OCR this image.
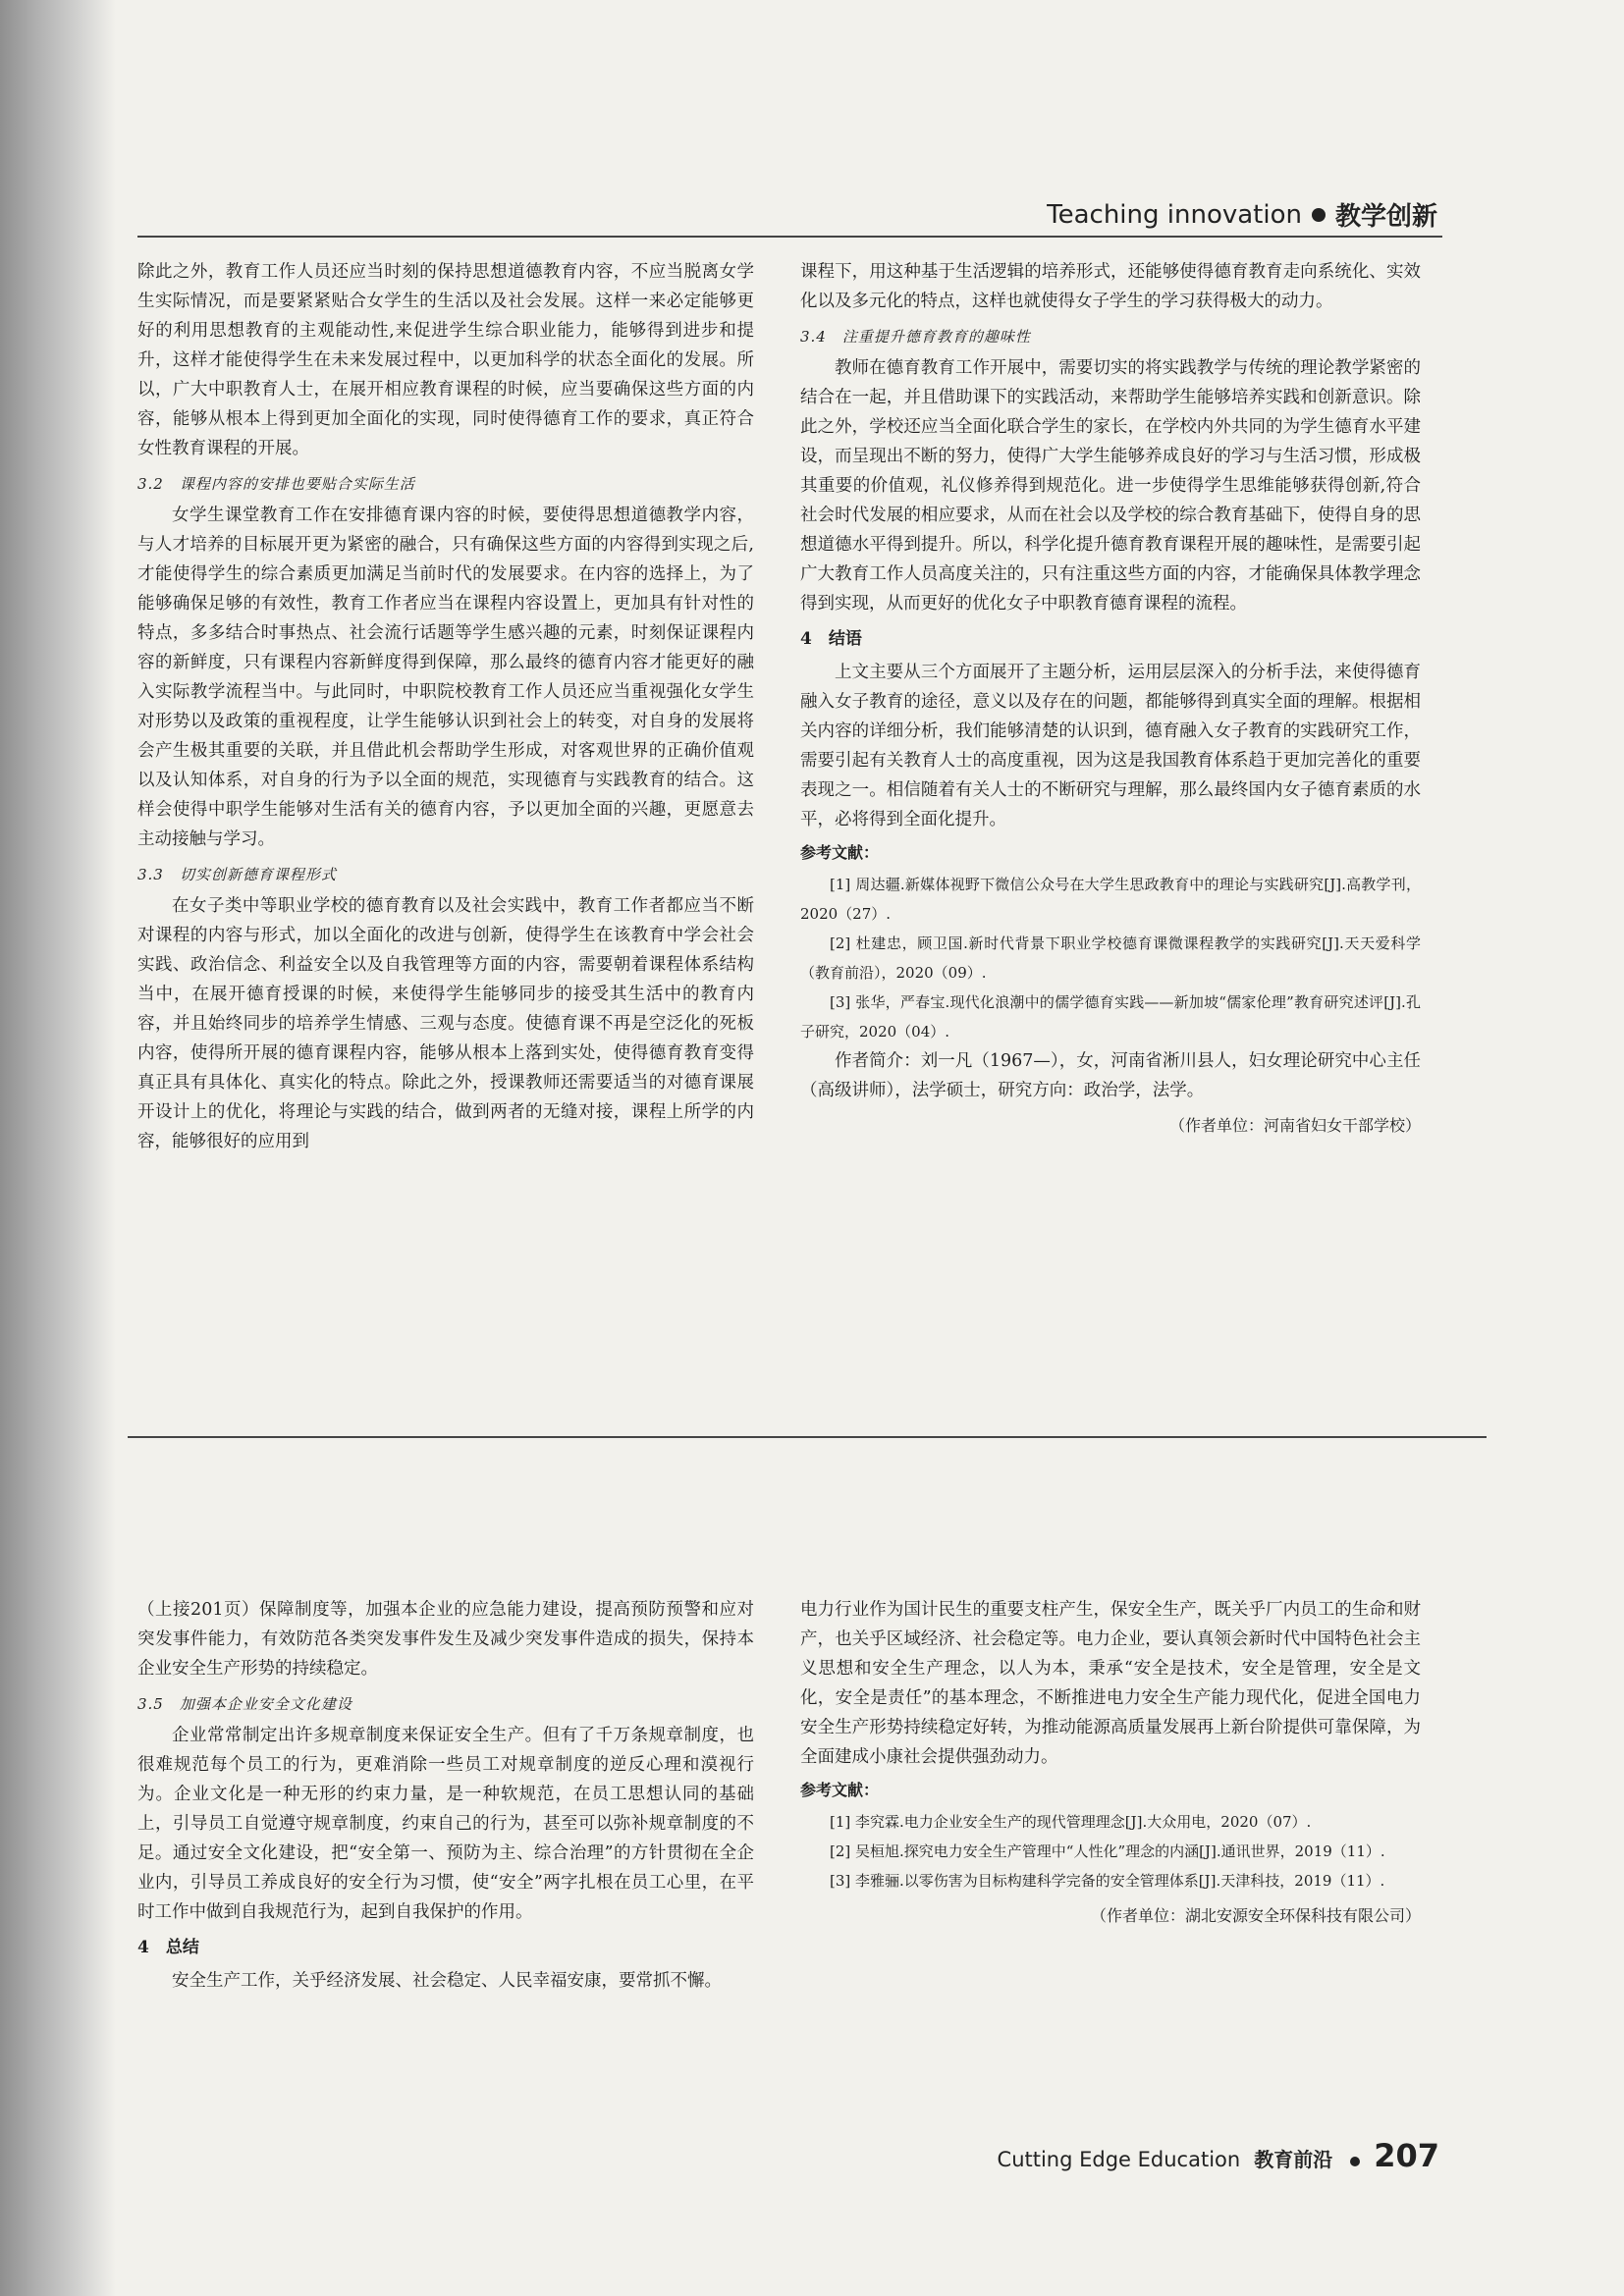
Teaching innovation 教学创新

除此之外，教育工作人员还应当时刻的保持思想道德教育内容，不应当脱离女学生实际情况，而是要紧紧贴合女学生的生活以及社会发展。这样一来必定能够更好的利用思想教育的主观能动性,来促进学生综合职业能力，能够得到进步和提升，这样才能使得学生在未来发展过程中，以更加科学的状态全面化的发展。所以，广大中职教育人士，在展开相应教育课程的时候，应当要确保这些方面的内容，能够从根本上得到更加全面化的实现，同时使得德育工作的要求，真正符合女性教育课程的开展。

3.2　课程内容的安排也要贴合实际生活

女学生课堂教育工作在安排德育课内容的时候，要使得思想道德教学内容，与人才培养的目标展开更为紧密的融合，只有确保这些方面的内容得到实现之后,才能使得学生的综合素质更加满足当前时代的发展要求。在内容的选择上，为了能够确保足够的有效性，教育工作者应当在课程内容设置上，更加具有针对性的特点，多多结合时事热点、社会流行话题等学生感兴趣的元素，时刻保证课程内容的新鲜度，只有课程内容新鲜度得到保障，那么最终的德育内容才能更好的融入实际教学流程当中。与此同时，中职院校教育工作人员还应当重视强化女学生对形势以及政策的重视程度，让学生能够认识到社会上的转变，对自身的发展将会产生极其重要的关联，并且借此机会帮助学生形成，对客观世界的正确价值观以及认知体系，对自身的行为予以全面的规范，实现德育与实践教育的结合。这样会使得中职学生能够对生活有关的德育内容，予以更加全面的兴趣，更愿意去主动接触与学习。

3.3　切实创新德育课程形式

在女子类中等职业学校的德育教育以及社会实践中，教育工作者都应当不断对课程的内容与形式，加以全面化的改进与创新，使得学生在该教育中学会社会实践、政治信念、利益安全以及自我管理等方面的内容，需要朝着课程体系结构当中，在展开德育授课的时候，来使得学生能够同步的接受其生活中的教育内容，并且始终同步的培养学生情感、三观与态度。使德育课不再是空泛化的死板内容，使得所开展的德育课程内容，能够从根本上落到实处，使得德育教育变得真正具有具体化、真实化的特点。除此之外，授课教师还需要适当的对德育课展开设计上的优化，将理论与实践的结合，做到两者的无缝对接，课程上所学的内容，能够很好的应用到

课程下，用这种基于生活逻辑的培养形式，还能够使得德育教育走向系统化、实效化以及多元化的特点，这样也就使得女子学生的学习获得极大的动力。

3.4　注重提升德育教育的趣味性

教师在德育教育工作开展中，需要切实的将实践教学与传统的理论教学紧密的结合在一起，并且借助课下的实践活动，来帮助学生能够培养实践和创新意识。除此之外，学校还应当全面化联合学生的家长，在学校内外共同的为学生德育水平建设，而呈现出不断的努力，使得广大学生能够养成良好的学习与生活习惯，形成极其重要的价值观，礼仪修养得到规范化。进一步使得学生思维能够获得创新,符合社会时代发展的相应要求，从而在社会以及学校的综合教育基础下，使得自身的思想道德水平得到提升。所以，科学化提升德育教育课程开展的趣味性，是需要引起广大教育工作人员高度关注的，只有注重这些方面的内容，才能确保具体教学理念得到实现，从而更好的优化女子中职教育德育课程的流程。

4　结语

上文主要从三个方面展开了主题分析，运用层层深入的分析手法，来使得德育融入女子教育的途径，意义以及存在的问题，都能够得到真实全面的理解。根据相关内容的详细分析，我们能够清楚的认识到，德育融入女子教育的实践研究工作，需要引起有关教育人士的高度重视，因为这是我国教育体系趋于更加完善化的重要表现之一。相信随着有关人士的不断研究与理解，那么最终国内女子德育素质的水平，必将得到全面化提升。

参考文献：

[1] 周达疆.新媒体视野下微信公众号在大学生思政教育中的理论与实践研究[J].高教学刊，2020（27）.

[2] 杜建忠，顾卫国.新时代背景下职业学校德育课微课程教学的实践研究[J].天天爱科学（教育前沿），2020（09）.

[3] 张华，严春宝.现代化浪潮中的儒学德育实践——新加坡“儒家伦理”教育研究述评[J].孔子研究，2020（04）.

作者简介：刘一凡（1967—），女，河南省淅川县人，妇女理论研究中心主任（高级讲师），法学硕士，研究方向：政治学，法学。

（作者单位：河南省妇女干部学校）

（上接201页）保障制度等，加强本企业的应急能力建设，提高预防预警和应对突发事件能力，有效防范各类突发事件发生及减少突发事件造成的损失，保持本企业安全生产形势的持续稳定。

3.5　加强本企业安全文化建设

企业常常制定出许多规章制度来保证安全生产。但有了千万条规章制度，也很难规范每个员工的行为，更难消除一些员工对规章制度的逆反心理和漠视行为。企业文化是一种无形的约束力量，是一种软规范，在员工思想认同的基础上，引导员工自觉遵守规章制度，约束自己的行为，甚至可以弥补规章制度的不足。通过安全文化建设，把“安全第一、预防为主、综合治理”的方针贯彻在全企业内，引导员工养成良好的安全行为习惯，使“安全”两字扎根在员工心里，在平时工作中做到自我规范行为，起到自我保护的作用。

4　总结

安全生产工作，关乎经济发展、社会稳定、人民幸福安康，要常抓不懈。

电力行业作为国计民生的重要支柱产生，保安全生产，既关乎厂内员工的生命和财产，也关乎区域经济、社会稳定等。电力企业，要认真领会新时代中国特色社会主义思想和安全生产理念，以人为本，秉承“安全是技术，安全是管理，安全是文化，安全是责任”的基本理念，不断推进电力安全生产能力现代化，促进全国电力安全生产形势持续稳定好转，为推动能源高质量发展再上新台阶提供可靠保障，为全面建成小康社会提供强劲动力。

参考文献：

[1] 李究霖.电力企业安全生产的现代管理理念[J].大众用电，2020（07）.

[2] 吴桓旭.探究电力安全生产管理中“人性化”理念的内涵[J].通讯世界，2019（11）.

[3] 李雅骊.以零伤害为目标构建科学完备的安全管理体系[J].天津科技，2019（11）.

（作者单位：湖北安源安全环保科技有限公司）
Cutting Edge Education 教育前沿 207
